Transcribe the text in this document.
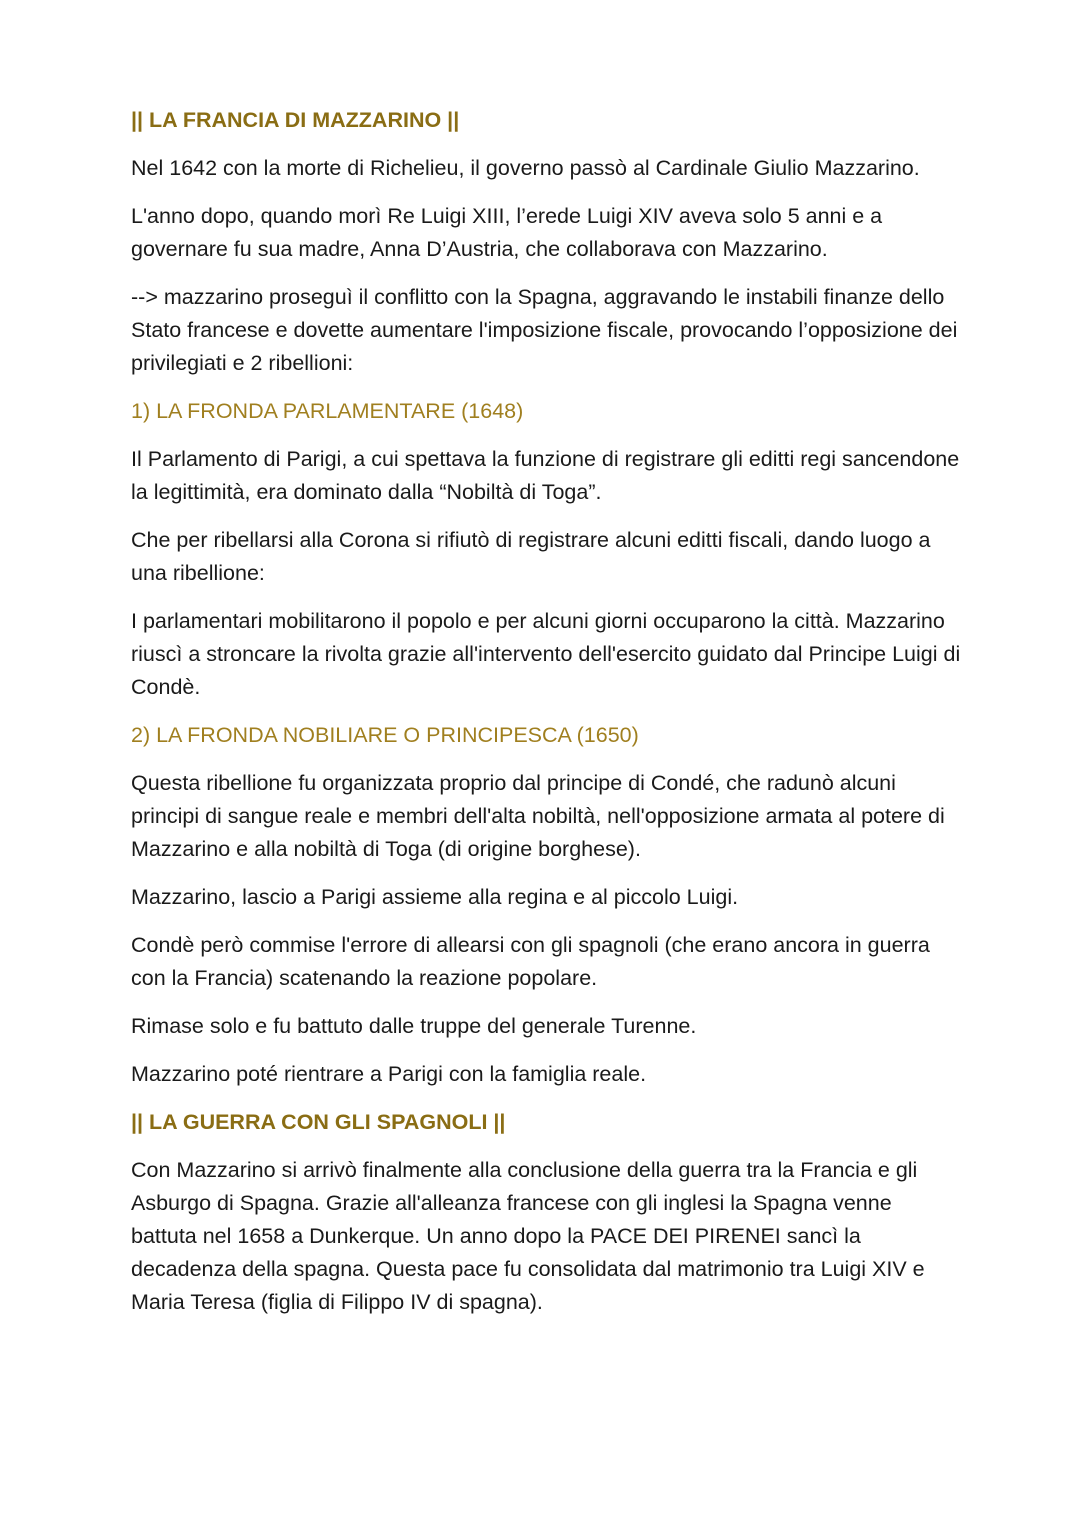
|| LA FRANCIA DI MAZZARINO ||

Nel 1642 con la morte di Richelieu, il governo passò al Cardinale Giulio Mazzarino.

L'anno dopo, quando morì Re Luigi XIII, l’erede Luigi XIV aveva solo 5 anni e a governare fu sua madre, Anna D’Austria, che collaborava con Mazzarino.

--> mazzarino proseguì il conflitto con la Spagna, aggravando le instabili finanze dello Stato francese e dovette aumentare l'imposizione fiscale, provocando l’opposizione dei privilegiati e 2 ribellioni:

1) LA FRONDA PARLAMENTARE (1648)

Il Parlamento di Parigi, a cui spettava la funzione di registrare gli editti regi sancendone la legittimità, era dominato dalla “Nobiltà di Toga”.

Che per ribellarsi alla Corona si rifiutò di registrare alcuni editti fiscali, dando luogo a una ribellione:

I parlamentari mobilitarono il popolo e per alcuni giorni occuparono la città. Mazzarino riuscì a stroncare la rivolta grazie all'intervento dell'esercito guidato dal Principe Luigi di Condè.

2) LA FRONDA NOBILIARE O PRINCIPESCA (1650)

Questa ribellione fu organizzata proprio dal principe di Condé, che radunò alcuni principi di sangue reale e membri dell'alta nobiltà, nell'opposizione armata al potere di Mazzarino e alla nobiltà di Toga (di origine borghese).

Mazzarino, lascio a Parigi assieme alla regina e al piccolo Luigi.

Condè però commise l'errore di allearsi con gli spagnoli (che erano ancora in guerra con la Francia) scatenando la reazione popolare.

Rimase solo e fu battuto dalle truppe del generale Turenne.

Mazzarino poté rientrare a Parigi con la famiglia reale.

|| LA GUERRA CON GLI SPAGNOLI ||

Con Mazzarino si arrivò finalmente alla conclusione della guerra tra la Francia e gli Asburgo di Spagna. Grazie all'alleanza francese con gli inglesi la Spagna venne battuta nel 1658 a Dunkerque. Un anno dopo la PACE DEI PIRENEI sancì la decadenza della spagna. Questa pace fu consolidata dal matrimonio tra Luigi XIV e Maria Teresa (figlia di Filippo IV di spagna).
